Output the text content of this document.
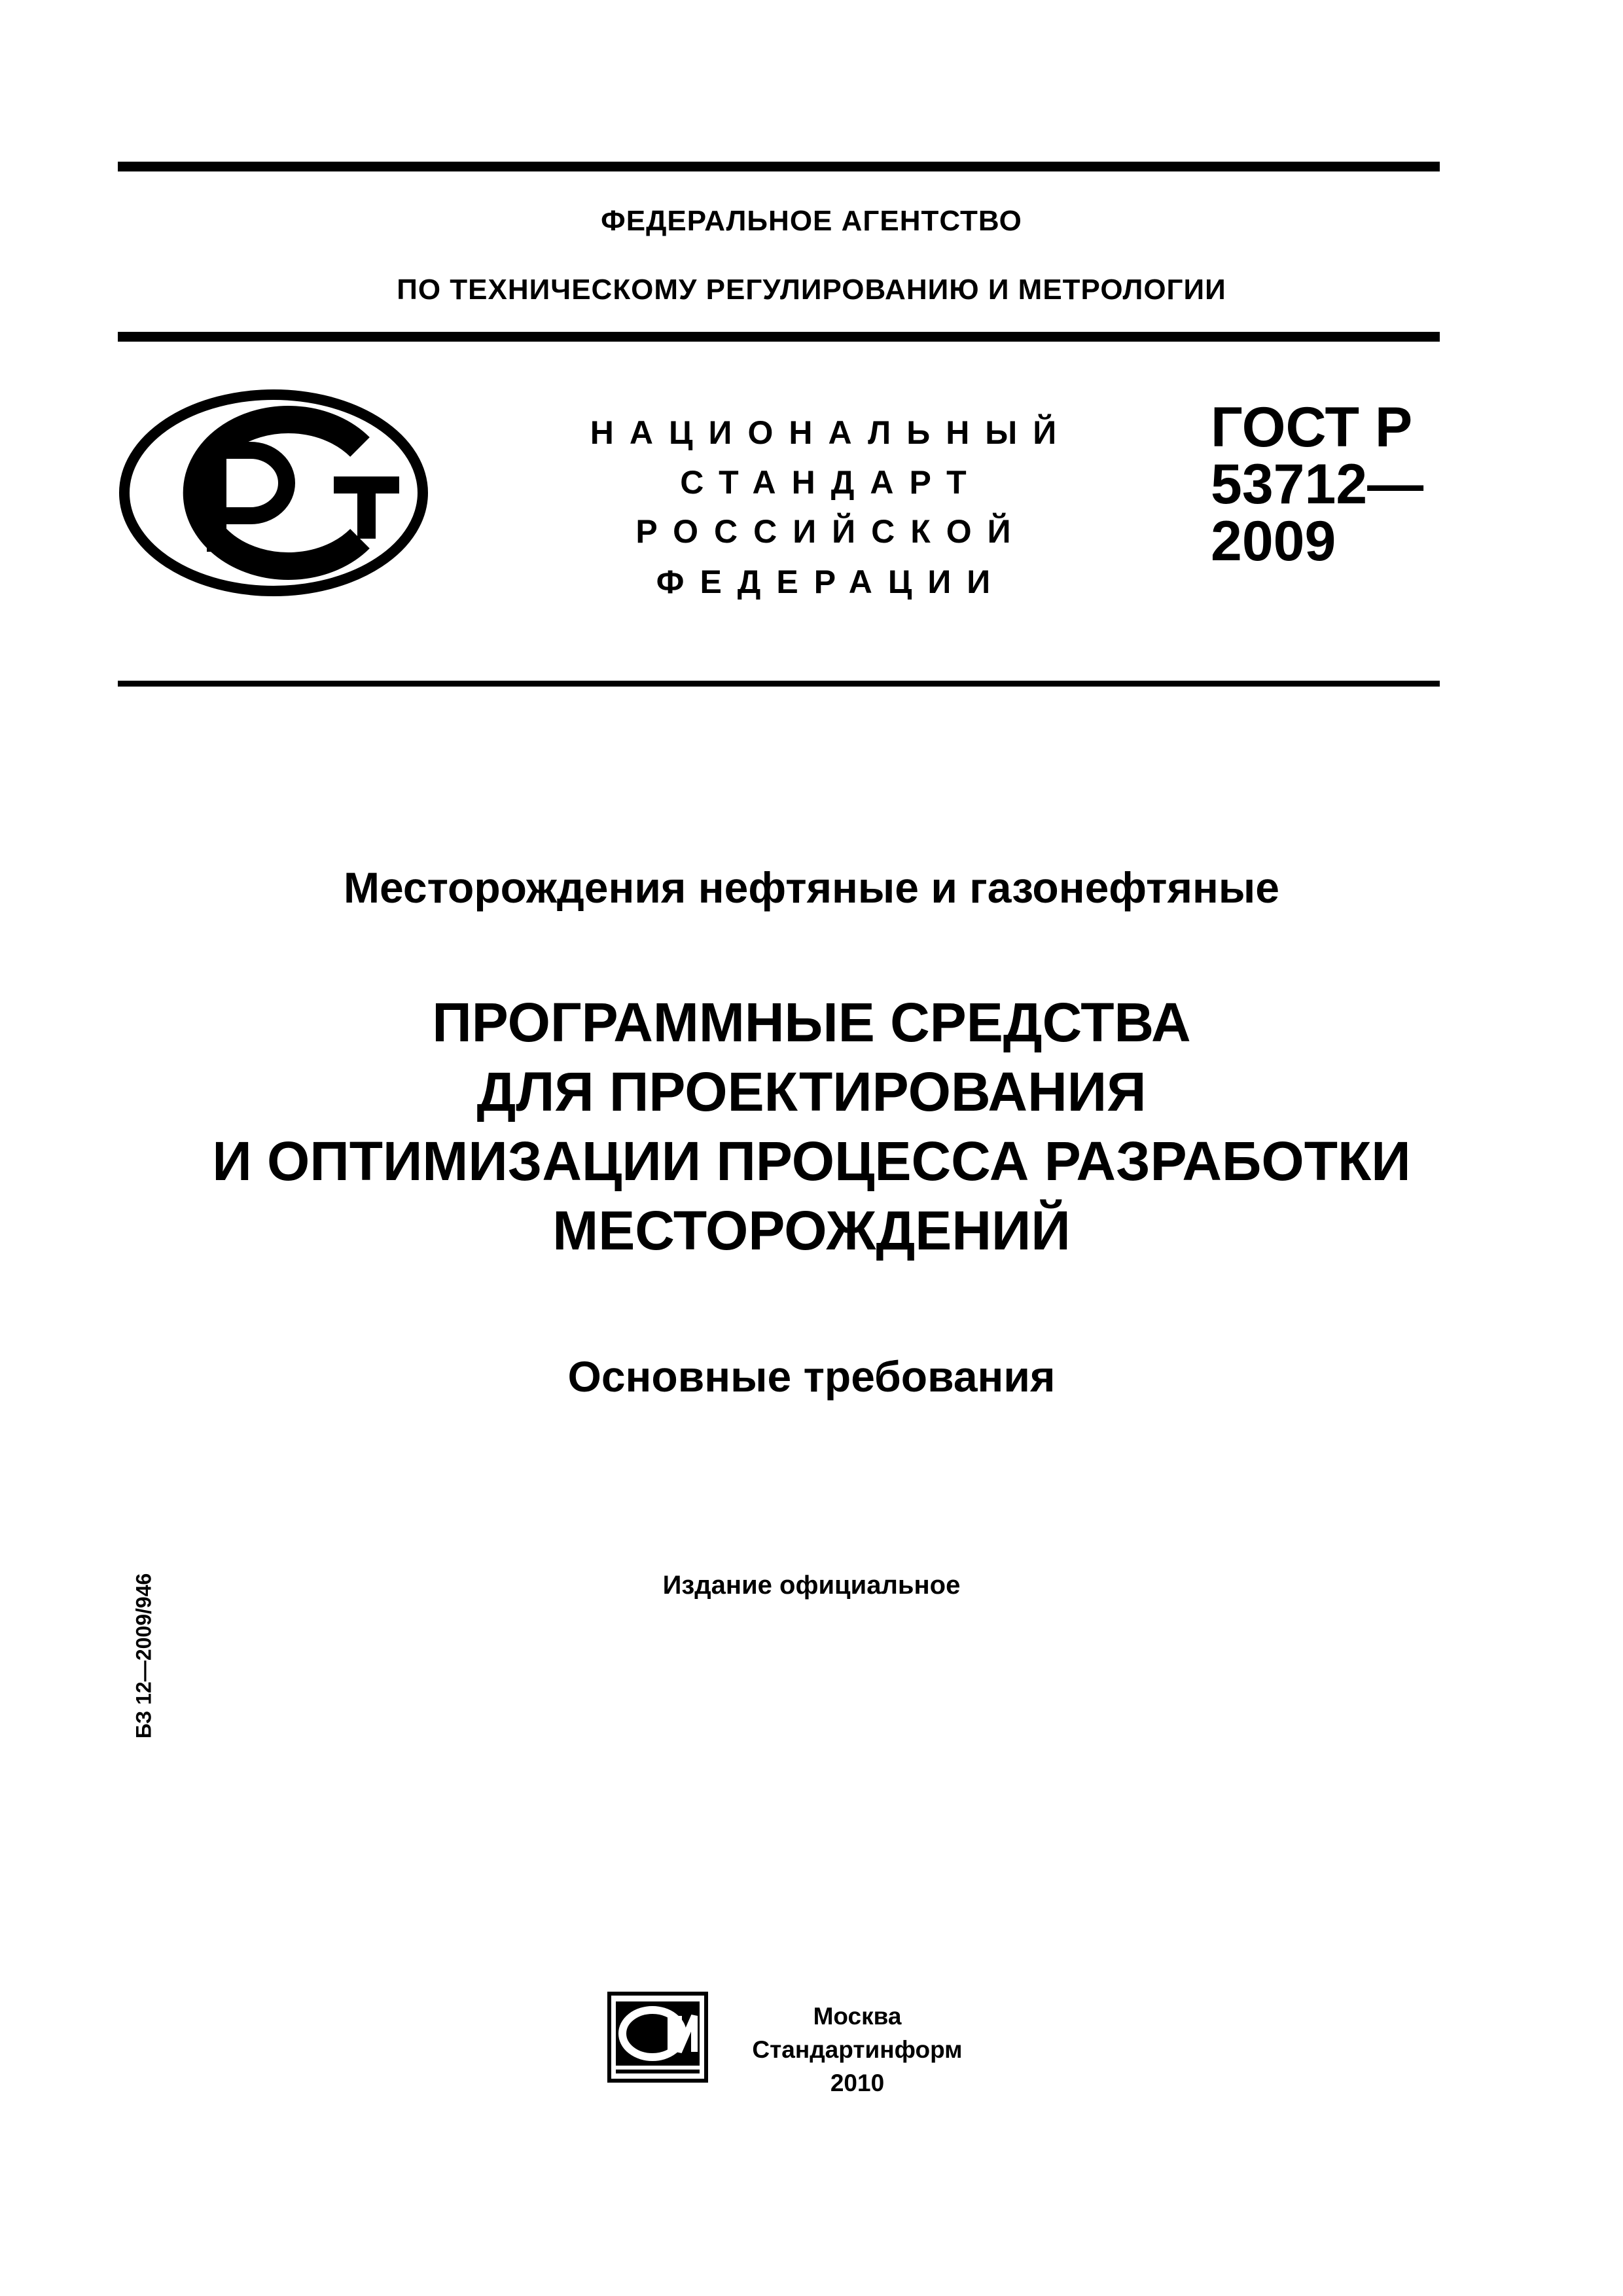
ФЕДЕРАЛЬНОЕ АГЕНТСТВО
ПО ТЕХНИЧЕСКОМУ РЕГУЛИРОВАНИЮ И МЕТРОЛОГИИ
РСТ
НАЦИОНАЛЬНЫЙ
СТАНДАРТ
РОССИЙСКОЙ
ФЕДЕРАЦИИ
ГОСТ Р
53712—
2009
Месторождения нефтяные и газонефтяные
ПРОГРАММНЫЕ СРЕДСТВА
ДЛЯ ПРОЕКТИРОВАНИЯ
И ОПТИМИЗАЦИИ ПРОЦЕССА РАЗРАБОТКИ
МЕСТОРОЖДЕНИЙ
Основные требования
Издание официальное
БЗ 12—2009/946
Москва
Стандартинформ
2010
